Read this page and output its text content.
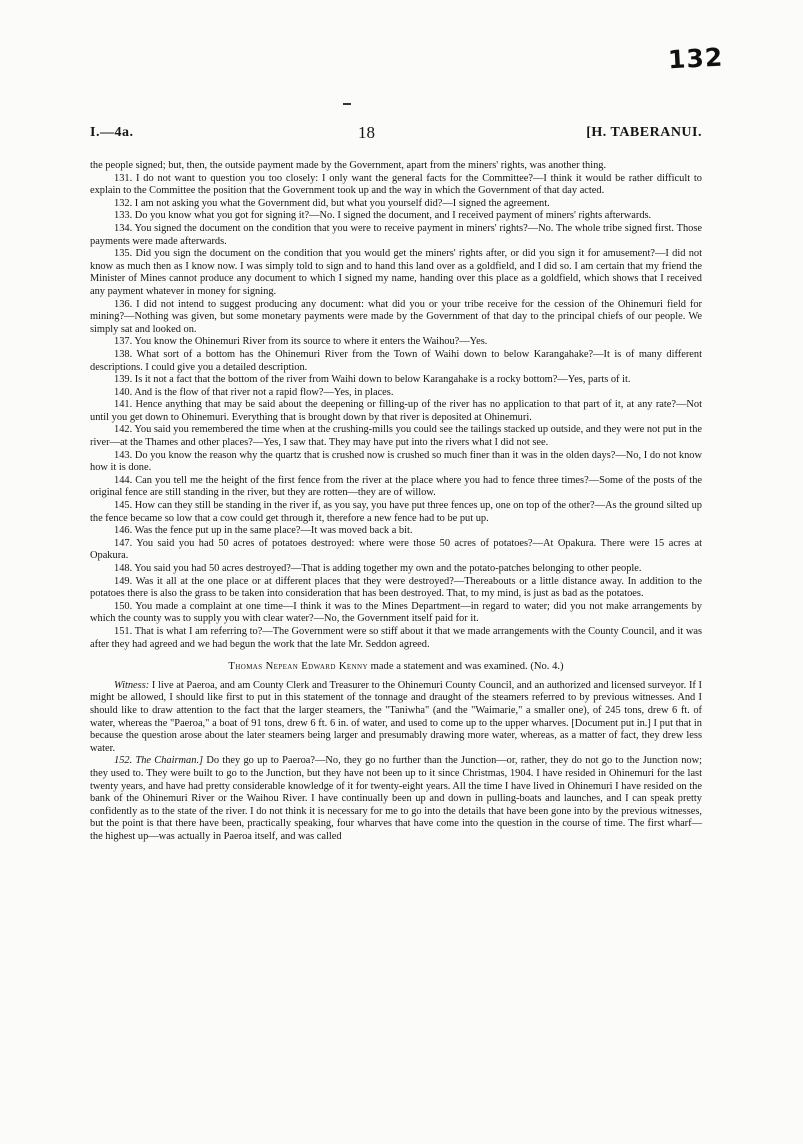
132
I.—4a.	18	[H. TABERANUI.

the people signed; but, then, the outside payment made by the Government, apart from the miners' rights, was another thing.

131. I do not want to question you too closely: I only want the general facts for the Committee?—I think it would be rather difficult to explain to the Committee the position that the Government took up and the way in which the Government of that day acted.

132. I am not asking you what the Government did, but what you yourself did?—I signed the agreement.

133. Do you know what you got for signing it?—No. I signed the document, and I received payment of miners' rights afterwards.

134. You signed the document on the condition that you were to receive payment in miners' rights?—No. The whole tribe signed first. Those payments were made afterwards.

135. Did you sign the document on the condition that you would get the miners' rights after, or did you sign it for amusement?—I did not know as much then as I know now. I was simply told to sign and to hand this land over as a goldfield, and I did so. I am certain that my friend the Minister of Mines cannot produce any document to which I signed my name, handing over this place as a goldfield, which shows that I received any payment whatever in money for signing.

136. I did not intend to suggest producing any document: what did you or your tribe receive for the cession of the Ohinemuri field for mining?—Nothing was given, but some monetary payments were made by the Government of that day to the principal chiefs of our people. We simply sat and looked on.

137. You know the Ohinemuri River from its source to where it enters the Waihou?—Yes.

138. What sort of a bottom has the Ohinemuri River from the Town of Waihi down to below Karangahake?—It is of many different descriptions. I could give you a detailed description.

139. Is it not a fact that the bottom of the river from Waihi down to below Karangahake is a rocky bottom?—Yes, parts of it.

140. And is the flow of that river not a rapid flow?—Yes, in places.

141. Hence anything that may be said about the deepening or filling-up of the river has no application to that part of it, at any rate?—Not until you get down to Ohinemuri. Everything that is brought down by that river is deposited at Ohinemuri.

142. You said you remembered the time when at the crushing-mills you could see the tailings stacked up outside, and they were not put in the river—at the Thames and other places?—Yes, I saw that. They may have put into the rivers what I did not see.

143. Do you know the reason why the quartz that is crushed now is crushed so much finer than it was in the olden days?—No, I do not know how it is done.

144. Can you tell me the height of the first fence from the river at the place where you had to fence three times?—Some of the posts of the original fence are still standing in the river, but they are rotten—they are of willow.

145. How can they still be standing in the river if, as you say, you have put three fences up, one on top of the other?—As the ground silted up the fence became so low that a cow could get through it, therefore a new fence had to be put up.

146. Was the fence put up in the same place?—It was moved back a bit.

147. You said you had 50 acres of potatoes destroyed: where were those 50 acres of potatoes?—At Opakura. There were 15 acres at Opakura.

148. You said you had 50 acres destroyed?—That is adding together my own and the potato-patches belonging to other people.

149. Was it all at the one place or at different places that they were destroyed?—Thereabouts or a little distance away. In addition to the potatoes there is also the grass to be taken into consideration that has been destroyed. That, to my mind, is just as bad as the potatoes.

150. You made a complaint at one time—I think it was to the Mines Department—in regard to water; did you not make arrangements by which the county was to supply you with clear water?—No, the Government itself paid for it.

151. That is what I am referring to?—The Government were so stiff about it that we made arrangements with the County Council, and it was after they had agreed and we had begun the work that the late Mr. Seddon agreed.

Thomas Nepean Edward Kenny made a statement and was examined. (No. 4.)

Witness: I live at Paeroa, and am County Clerk and Treasurer to the Ohinemuri County Council, and an authorized and licensed surveyor. If I might be allowed, I should like first to put in this statement of the tonnage and draught of the steamers referred to by previous witnesses. And I should like to draw attention to the fact that the larger steamers, the "Taniwha" (and the "Waimarie," a smaller one), of 245 tons, drew 6 ft. of water, whereas the "Paeroa," a boat of 91 tons, drew 6 ft. 6 in. of water, and used to come up to the upper wharves. [Document put in.] I put that in because the question arose about the later steamers being larger and presumably drawing more water, whereas, as a matter of fact, they drew less water.

152. The Chairman.] Do they go up to Paeroa?—No, they go no further than the Junction—or, rather, they do not go to the Junction now; they used to. They were built to go to the Junction, but they have not been up to it since Christmas, 1904. I have resided in Ohinemuri for the last twenty years, and have had pretty considerable knowledge of it for twenty-eight years. All the time I have lived in Ohinemuri I have resided on the bank of the Ohinemuri River or the Waihou River. I have continually been up and down in pulling-boats and launches, and I can speak pretty confidently as to the state of the river. I do not think it is necessary for me to go into the details that have been gone into by the previous witnesses, but the point is that there have been, practically speaking, four wharves that have come into the question in the course of time. The first wharf—the highest up—was actually in Paeroa itself, and was called
